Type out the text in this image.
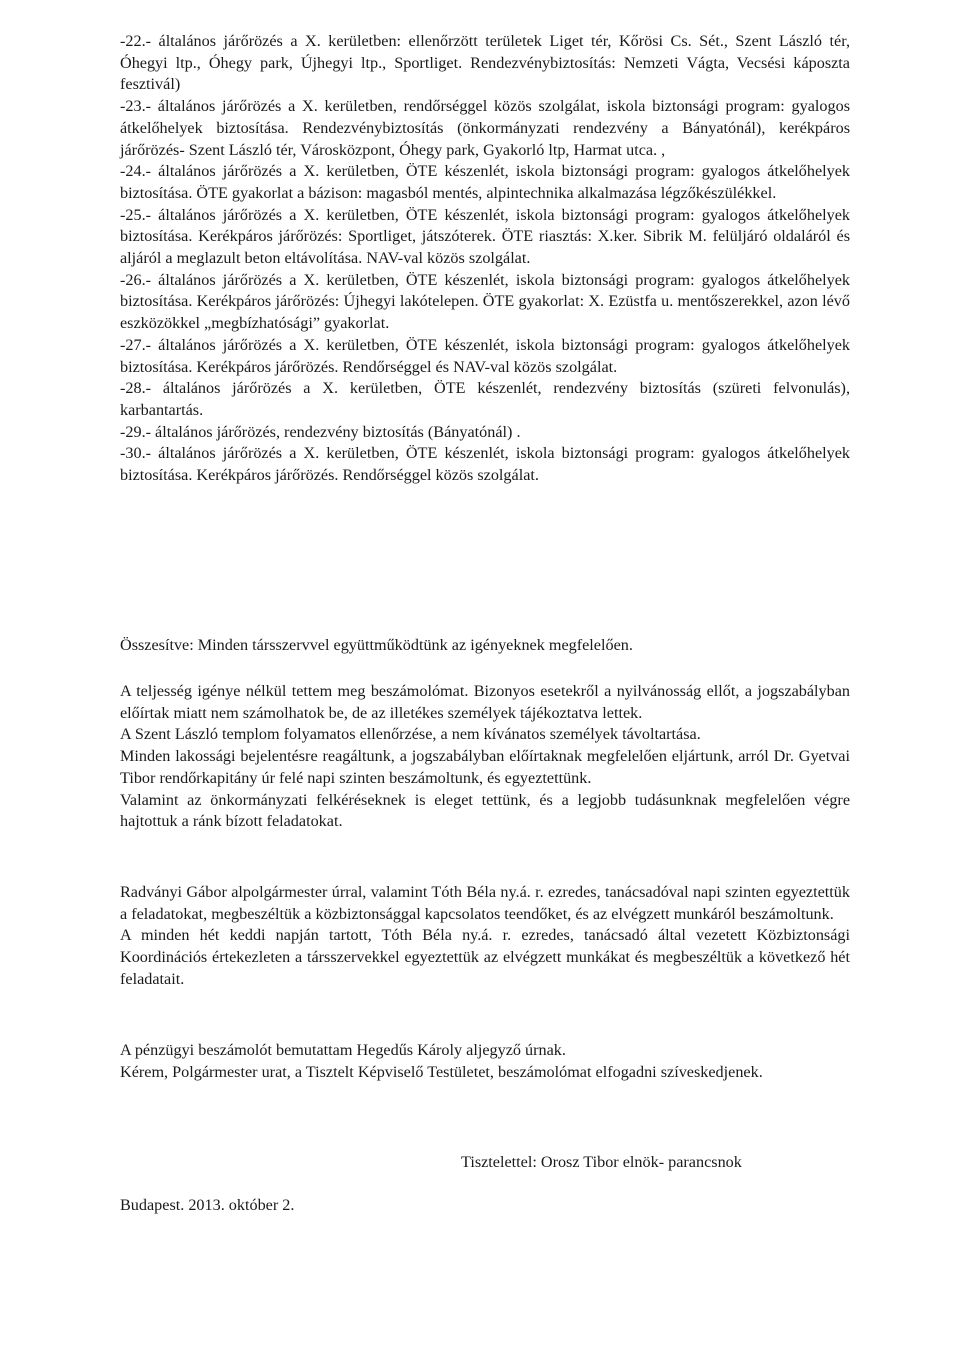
-22.- általános járőrözés a X. kerületben: ellenőrzött területek Liget tér, Kőrösi Cs. Sét., Szent László tér, Óhegyi ltp., Óhegy park, Újhegyi ltp., Sportliget. Rendezvénybiztosítás: Nemzeti Vágta, Vecsési káposzta fesztivál)

-23.- általános járőrözés a X. kerületben, rendőrséggel közös szolgálat, iskola biztonsági program: gyalogos átkelőhelyek biztosítása. Rendezvénybiztosítás (önkormányzati rendezvény a Bányatónál), kerékpáros járőrözés- Szent László tér, Városközpont, Óhegy park, Gyakorló ltp, Harmat utca. ,

-24.- általános járőrözés a X. kerületben, ÖTE készenlét, iskola biztonsági program: gyalogos átkelőhelyek biztosítása. ÖTE gyakorlat a bázison: magasból mentés, alpintechnika alkalmazása légzőkészülékkel.

-25.- általános járőrözés a X. kerületben, ÖTE készenlét, iskola biztonsági program: gyalogos átkelőhelyek biztosítása. Kerékpáros járőrözés: Sportliget, játszóterek. ÖTE riasztás: X.ker. Sibrik M. felüljáró oldaláról és aljáról a meglazult beton eltávolítása. NAV-val közös szolgálat.

-26.- általános járőrözés a X. kerületben, ÖTE készenlét, iskola biztonsági program: gyalogos átkelőhelyek biztosítása. Kerékpáros járőrözés: Újhegyi lakótelepen. ÖTE gyakorlat: X. Ezüstfa u. mentőszerekkel, azon lévő eszközökkel „megbízhatósági” gyakorlat.

-27.- általános járőrözés a X. kerületben, ÖTE készenlét, iskola biztonsági program: gyalogos átkelőhelyek biztosítása. Kerékpáros járőrözés. Rendőrséggel és NAV-val közös szolgálat.

-28.- általános járőrözés a X. kerületben, ÖTE készenlét, rendezvény biztosítás (szüreti felvonulás), karbantartás.

-29.- általános járőrözés, rendezvény biztosítás (Bányatónál) .

-30.- általános járőrözés a X. kerületben, ÖTE készenlét, iskola biztonsági program: gyalogos átkelőhelyek biztosítása. Kerékpáros járőrözés. Rendőrséggel közös szolgálat.

Összesítve: Minden társszervvel együttműködtünk az igényeknek megfelelően.

A teljesség igénye nélkül tettem meg beszámolómat. Bizonyos esetekről a nyilvánosság ellőt, a jogszabályban előírtak miatt nem számolhatok be, de az illetékes személyek tájékoztatva lettek.

A Szent László templom folyamatos ellenőrzése, a nem kívánatos személyek távoltartása.

Minden lakossági bejelentésre reagáltunk, a jogszabályban előírtaknak megfelelően eljártunk, arról Dr. Gyetvai Tibor rendőrkapitány úr felé napi szinten beszámoltunk, és egyeztettünk.

Valamint az önkormányzati felkéréseknek is eleget tettünk, és a legjobb tudásunknak megfelelően végre hajtottuk a ránk bízott feladatokat.

Radványi Gábor alpolgármester úrral, valamint Tóth Béla ny.á. r. ezredes, tanácsadóval napi szinten egyeztettük a feladatokat, megbeszéltük a közbiztonsággal kapcsolatos teendőket, és az elvégzett munkáról beszámoltunk.

A minden hét keddi napján tartott, Tóth Béla ny.á. r. ezredes, tanácsadó által vezetett Közbiztonsági Koordinációs értekezleten a társszervekkel egyeztettük az elvégzett munkákat és megbeszéltük a következő hét feladatait.

A pénzügyi beszámolót bemutattam Hegedűs Károly aljegyző úrnak.

Kérem, Polgármester urat, a Tisztelt Képviselő Testületet, beszámolómat elfogadni szíveskedjenek.

Tisztelettel: Orosz Tibor elnök- parancsnok
Budapest. 2013. október 2.
